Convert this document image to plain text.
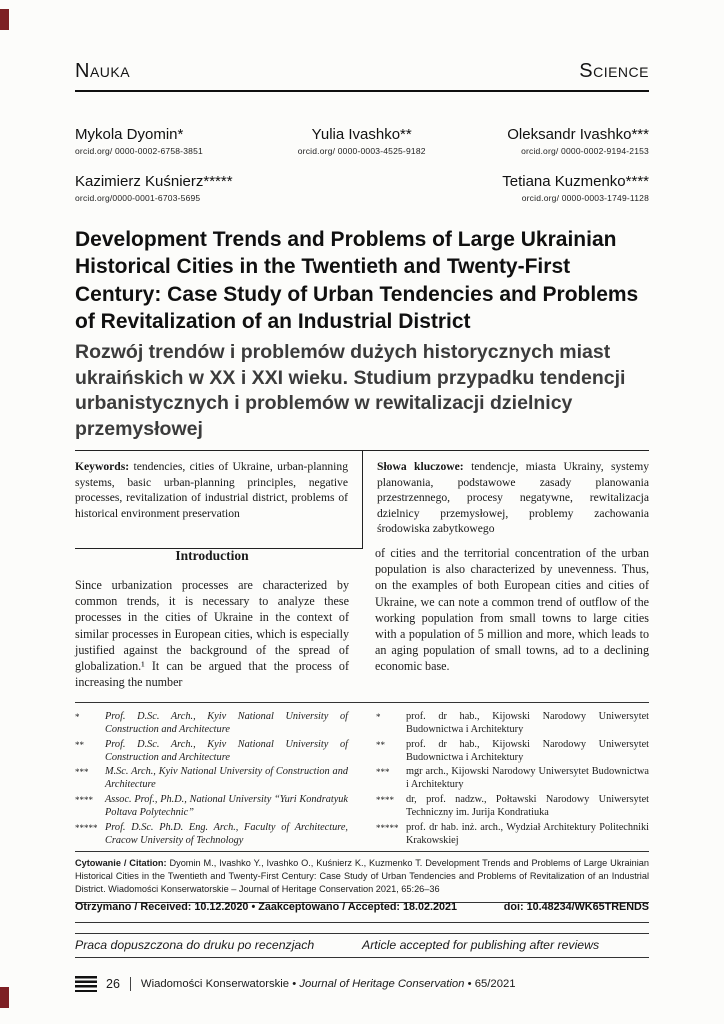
Nauka	Science
Mykola Dyomin*
orcid.org/ 0000-0002-6758-3851
Yulia Ivashko**
orcid.org/ 0000-0003-4525-9182
Oleksandr Ivashko***
orcid.org/ 0000-0002-9194-2153
Kazimierz Kuśnierz*****
orcid.org/0000-0001-6703-5695
Tetiana Kuzmenko****
orcid.org/ 0000-0003-1749-1128
Development Trends and Problems of Large Ukrainian Historical Cities in the Twentieth and Twenty-First Century: Case Study of Urban Tendencies and Problems of Revitalization of an Industrial District
Rozwój trendów i problemów dużych historycznych miast ukraińskich w XX i XXI wieku. Studium przypadku tendencji urbanistycznych i problemów w rewitalizacji dzielnicy przemysłowej
Keywords: tendencies, cities of Ukraine, urban-planning systems, basic urban-planning principles, negative processes, revitalization of industrial district, problems of historical environment preservation
Słowa kluczowe: tendencje, miasta Ukrainy, systemy planowania, podstawowe zasady planowania przestrzennego, procesy negatywne, rewitalizacja dzielnicy przemysłowej, problemy zachowania środowiska zabytkowego
Introduction

Since urbanization processes are characterized by common trends, it is necessary to analyze these processes in the cities of Ukraine in the context of similar processes in European cities, which is especially justified against the background of the spread of globalization.¹ It can be argued that the process of increasing the number

of cities and the territorial concentration of the urban population is also characterized by unevenness. Thus, on the examples of both European cities and cities of Ukraine, we can note a common trend of outflow of the working population from small towns to large cities with a population of 5 million and more, which leads to an aging population of small towns, ad to a declining economic base.

*	Prof. D.Sc. Arch., Kyiv National University of Construction and Architecture
**	Prof. D.Sc. Arch., Kyiv National University of Construction and Architecture
***	M.Sc. Arch., Kyiv National University of Construction and Architecture
****	Assoc. Prof., Ph.D., National University “Yuri Kondratyuk Poltava Polytechnic”
***** Prof. D.Sc. Ph.D. Eng. Arch., Faculty of Architecture, Cracow University of Technology
*	prof. dr hab., Kijowski Narodowy Uniwersytet Budownictwa i Architektury
**	prof. dr hab., Kijowski Narodowy Uniwersytet Budownictwa i Architektury
***	mgr arch., Kijowski Narodowy Uniwersytet Budownictwa i Architektury
****	dr, prof. nadzw., Połtawski Narodowy Uniwersytet Techniczny im. Jurija Kondratiuka
***** prof. dr hab. inż. arch., Wydział Architektury Politechniki Krakowskiej
Cytowanie / Citation: Dyomin M., Ivashko Y., Ivashko O., Kuśnierz K., Kuzmenko T. Development Trends and Problems of Large Ukrainian Historical Cities in the Twentieth and Twenty-First Century: Case Study of Urban Tendencies and Problems of Revitalization of an Industrial District. Wiadomości Konserwatorskie – Journal of Heritage Conservation 2021, 65:26–36
Otrzymano / Received: 10.12.2020 • Zaakceptowano / Accepted: 18.02.2021	doi: 10.48234/WK65TRENDS
Praca dopuszczona do druku po recenzjach	Article accepted for publishing after reviews
26 Wiadomości Konserwatorskie • Journal of Heritage Conservation • 65/2021
